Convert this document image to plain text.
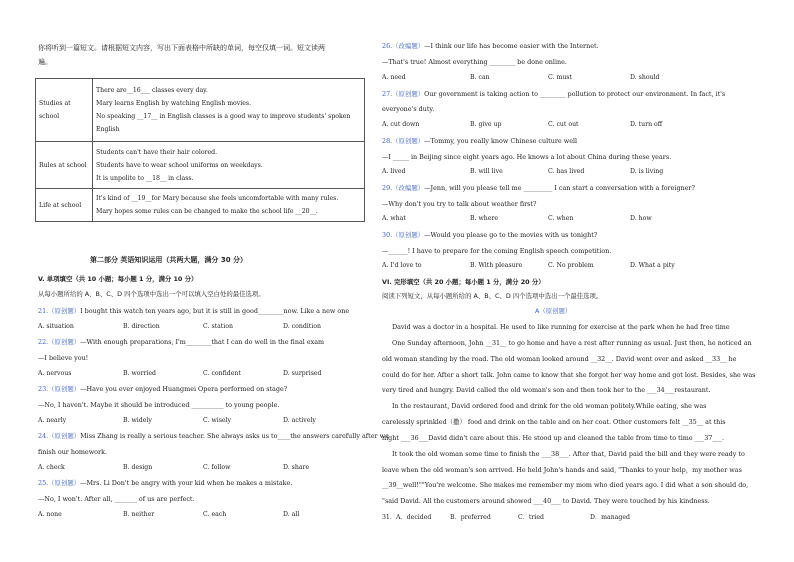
你将听到一篇短文。请根据短文内容，写出下面表格中所缺的单词，每空仅填一词。短文读两
遍。
Studies at school	There are__16___ classes every day.
Mary learns English by watching English movies.
No speaking __17__ in English classes is a good way to improve students' spoken
English

Rules at school	Students can't have their hair colored.
Students have to wear school uniforms on weekdays.
It is unpolite to __18__ in class.

Life at school	It's kind of __19__for Mary because she feels uncomfortable with many rules.
Mary hopes some rules can be changed to make the school life __20__.
第二部分 英语知识运用（共两大题，满分 30 分）
V. 单项填空（共 10 小题；每小题 1 分，满分 10 分）
从每小题所给的 A、B、C、D 四个选项中选出一个可以填入空白处的最佳选项。
21.（原创题）I bought this watch ten years ago, but it is still in good________now. Like a new one
A. situation	B. direction	C. station	D. condition
22.（原创题）—With enough preparations, I'm________that I can do well in the final exam
—I believe you!
A. nervous	B. worried	C. confident	D. surprised
23.（原创题）—Have you ever enjoyed Huangmei Opera performed on stage?
—No, I haven't. Maybe it should be introduced __________ to young people.
A. nearly	B. widely	C. wisely	D. actively
24.（原创题）Miss Zhang is really a serious teacher. She always asks us to____the answers carefully after we
finish our homework.
A. check	B. design	C. follow	D. share
25.（原创题）—Mrs. Li Don't be angry with your kid when he makes a mistake.
—No, I won't. After all, _______ of us are perfect.
A. none	B. neither	C. each	D. all
26.（改编题）—I think our life has become easier with the Internet.
—That's true! Almost everything ________ be done online.
A. need	B. can	C. must	D. should
27.（原创题）Our government is taking action to ________ pollution to protect our environment. In fact, it's
everyone's duty.
A. cut down	B. give up	C. cut out	D. turn off
28.（原创题）—Tommy, you really know Chinese culture well
—I _____ in Beijing since eight years ago. He knows a lot about China during these years.
A. lived	B. will live	C. has lived	D. is living
29.（改编题）—Jenn, will you please tell me _________ I can start a conversation with a foreigner?
—Why don't you try to talk about weather first?
A. what	B. where	C. when	D. how
30.（原创题）—Would you please go to the movies with us tonight?
—______! I have to prepare for the coming English speech competition.
A. I'd love to	B. With pleasure	C. No problem	D. What a pity
VI. 完形填空（共 20 小题；每小题 1 分，满分 20 分）
阅读下列短文，从每小题所给的 A、B、C、D 四个选项中选出一个最佳选项。
A（原创题）
David was a doctor in a hospital. He used to like running for exercise at the park when he had free time
One Sunday afternoon, John __31__ to go home and have a rest after running as usual. Just then, he noticed an
old woman standing by the road. The old woman looked around __32__. David went over and asked __33__ he
could do for her. After a short talk. John came to know that she forgot her way home and got lost. Besides, she was
very tired and hungry. David called the old woman's son and then took her to the ___34___restaurant.
In the restaurant, David ordered food and drink for the old woman politely.While eating, she was
carelessly sprinkled（撒） food and drink on the table and on her coat. Other customers felt __35__ at this
night ___36___David didn't care about this. He stood up and cleaned the table from time to time ___37___.
It took the old woman some time to finish the ___38___. After that, David paid the bill and they were ready to
leave when the old woman's son arrived. He held John's hands and said, "Thanks to your help，my mother was
__39__well!""You're welcome. She makes me remember my mom who died years ago. I did what a son should do,
"said David. All the customers around showed ___40___ to David. They were touched by his kindness.
31．A．decided	B．preferred	C．tried	D．managed
